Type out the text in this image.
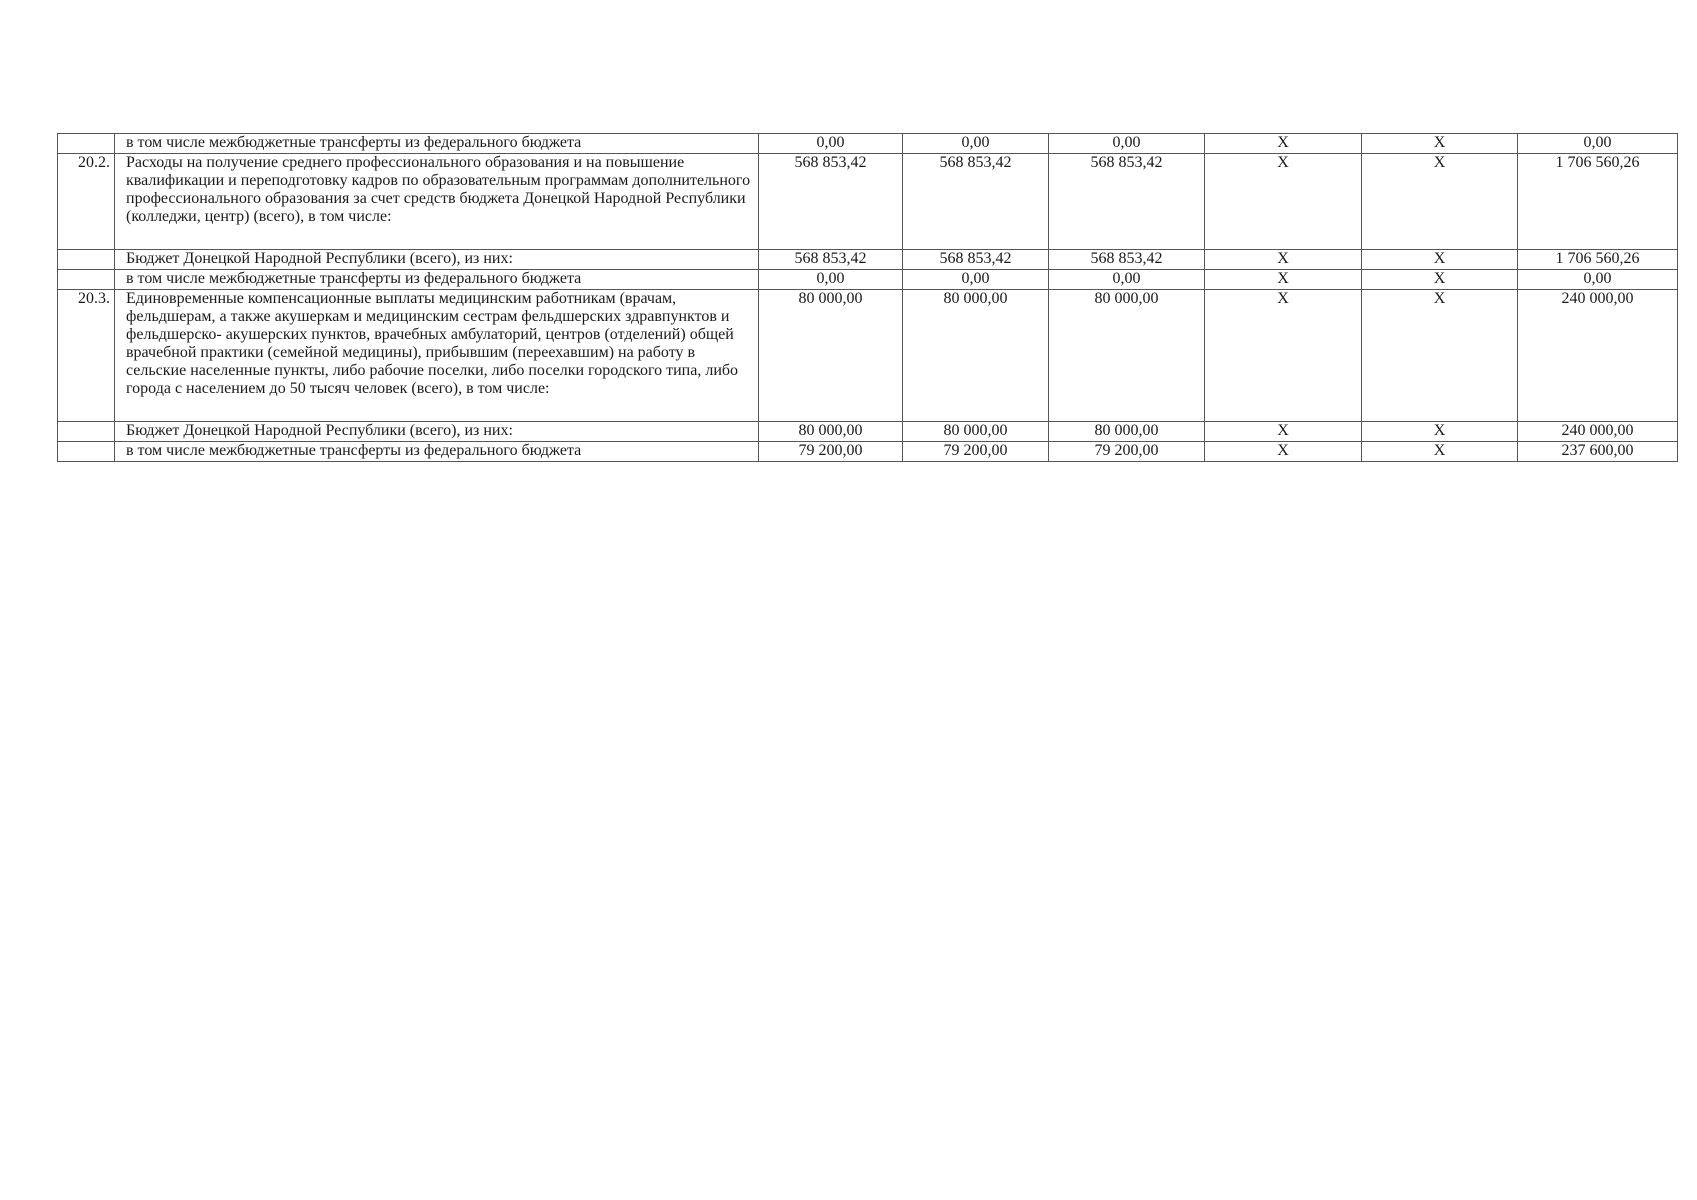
	в том числе межбюджетные трансферты из федерального бюджета	0,00	0,00	0,00	X	X	0,00
20.2.	Расходы на получение среднего профессионального образования и на повышение квалификации и переподготовку кадров по образовательным программам дополнительного профессионального образования за счет средств бюджета Донецкой Народной Республики (колледжи, центр) (всего), в том числе:	568 853,42	568 853,42	568 853,42	X	X	1 706 560,26
	Бюджет Донецкой Народной Республики (всего), из них:	568 853,42	568 853,42	568 853,42	X	X	1 706 560,26
	в том числе межбюджетные трансферты из федерального бюджета	0,00	0,00	0,00	X	X	0,00
20.3.	Единовременные компенсационные выплаты медицинским работникам (врачам, фельдшерам, а также акушеркам и медицинским сестрам фельдшерских здравпунктов и фельдшерско- акушерских пунктов, врачебных амбулаторий, центров (отделений) общей врачебной практики (семейной медицины), прибывшим (переехавшим) на работу в сельские населенные пункты, либо рабочие поселки, либо поселки городского типа, либо города с населением до 50 тысяч человек (всего), в том числе:	80 000,00	80 000,00	80 000,00	X	X	240 000,00
	Бюджет Донецкой Народной Республики (всего), из них:	80 000,00	80 000,00	80 000,00	X	X	240 000,00
	в том числе межбюджетные трансферты из федерального бюджета	79 200,00	79 200,00	79 200,00	X	X	237 600,00
